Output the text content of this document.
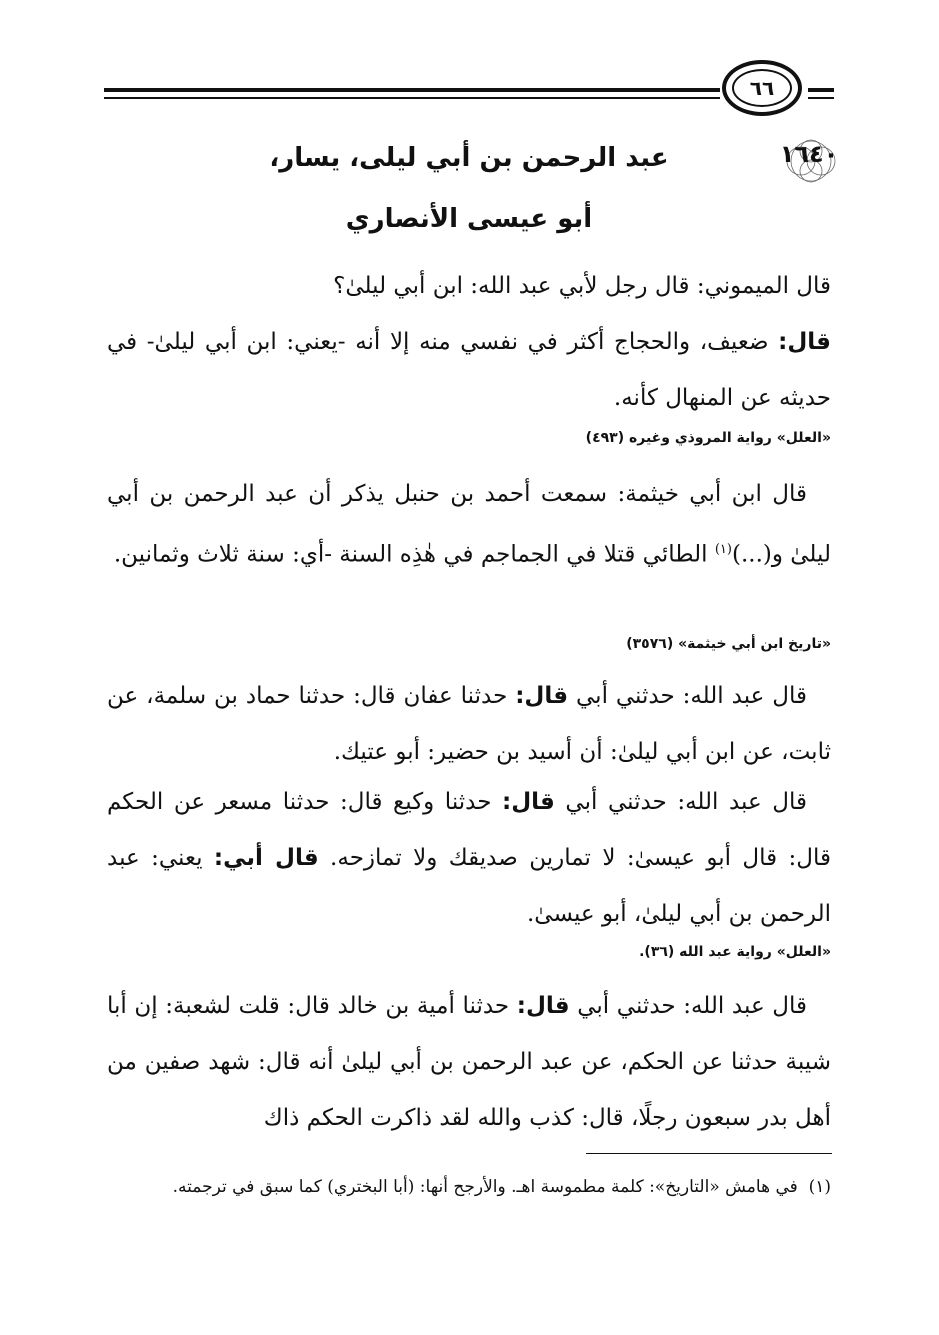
٦٦
١٦٤٠
عبد الرحمن بن أبي ليلى، يسار،
أبو عيسى الأنصاري
قال الميموني: قال رجل لأبي عبد الله: ابن أبي ليلىٰ؟
قال: ضعيف، والحجاج أكثر في نفسي منه إلا أنه -يعني: ابن أبي ليلىٰ- في حديثه عن المنهال كأنه.
«العلل» رواية المروذي وغيره (٤٩٣)
قال ابن أبي خيثمة: سمعت أحمد بن حنبل يذكر أن عبد الرحمن بن أبي ليلىٰ و(...)$^{(١)}$ الطائي قتلا في الجماجم في هٰذِه السنة -أي: سنة ثلاث وثمانين.
«تاريخ ابن أبي خيثمة» (٣٥٧٦)
قال عبد الله: حدثني أبي قال: حدثنا عفان قال: حدثنا حماد بن سلمة، عن ثابت، عن ابن أبي ليلىٰ: أن أسيد بن حضير: أبو عتيك.
قال عبد الله: حدثني أبي قال: حدثنا وكيع قال: حدثنا مسعر عن الحكم قال: قال أبو عيسىٰ: لا تمارين صديقك ولا تمازحه. قال أبي: يعني: عبد الرحمن بن أبي ليلىٰ، أبو عيسىٰ.
«العلل» رواية عبد الله (٣٦).
قال عبد الله: حدثني أبي قال: حدثنا أمية بن خالد قال: قلت لشعبة: إن أبا شيبة حدثنا عن الحكم، عن عبد الرحمن بن أبي ليلىٰ أنه قال: شهد صفين من أهل بدر سبعون رجلًا، قال: كذب والله لقد ذاكرت الحكم ذاك
(١)  في هامش «التاريخ»: كلمة مطموسة اهـ. والأرجح أنها: (أبا البختري) كما سبق في ترجمته.
